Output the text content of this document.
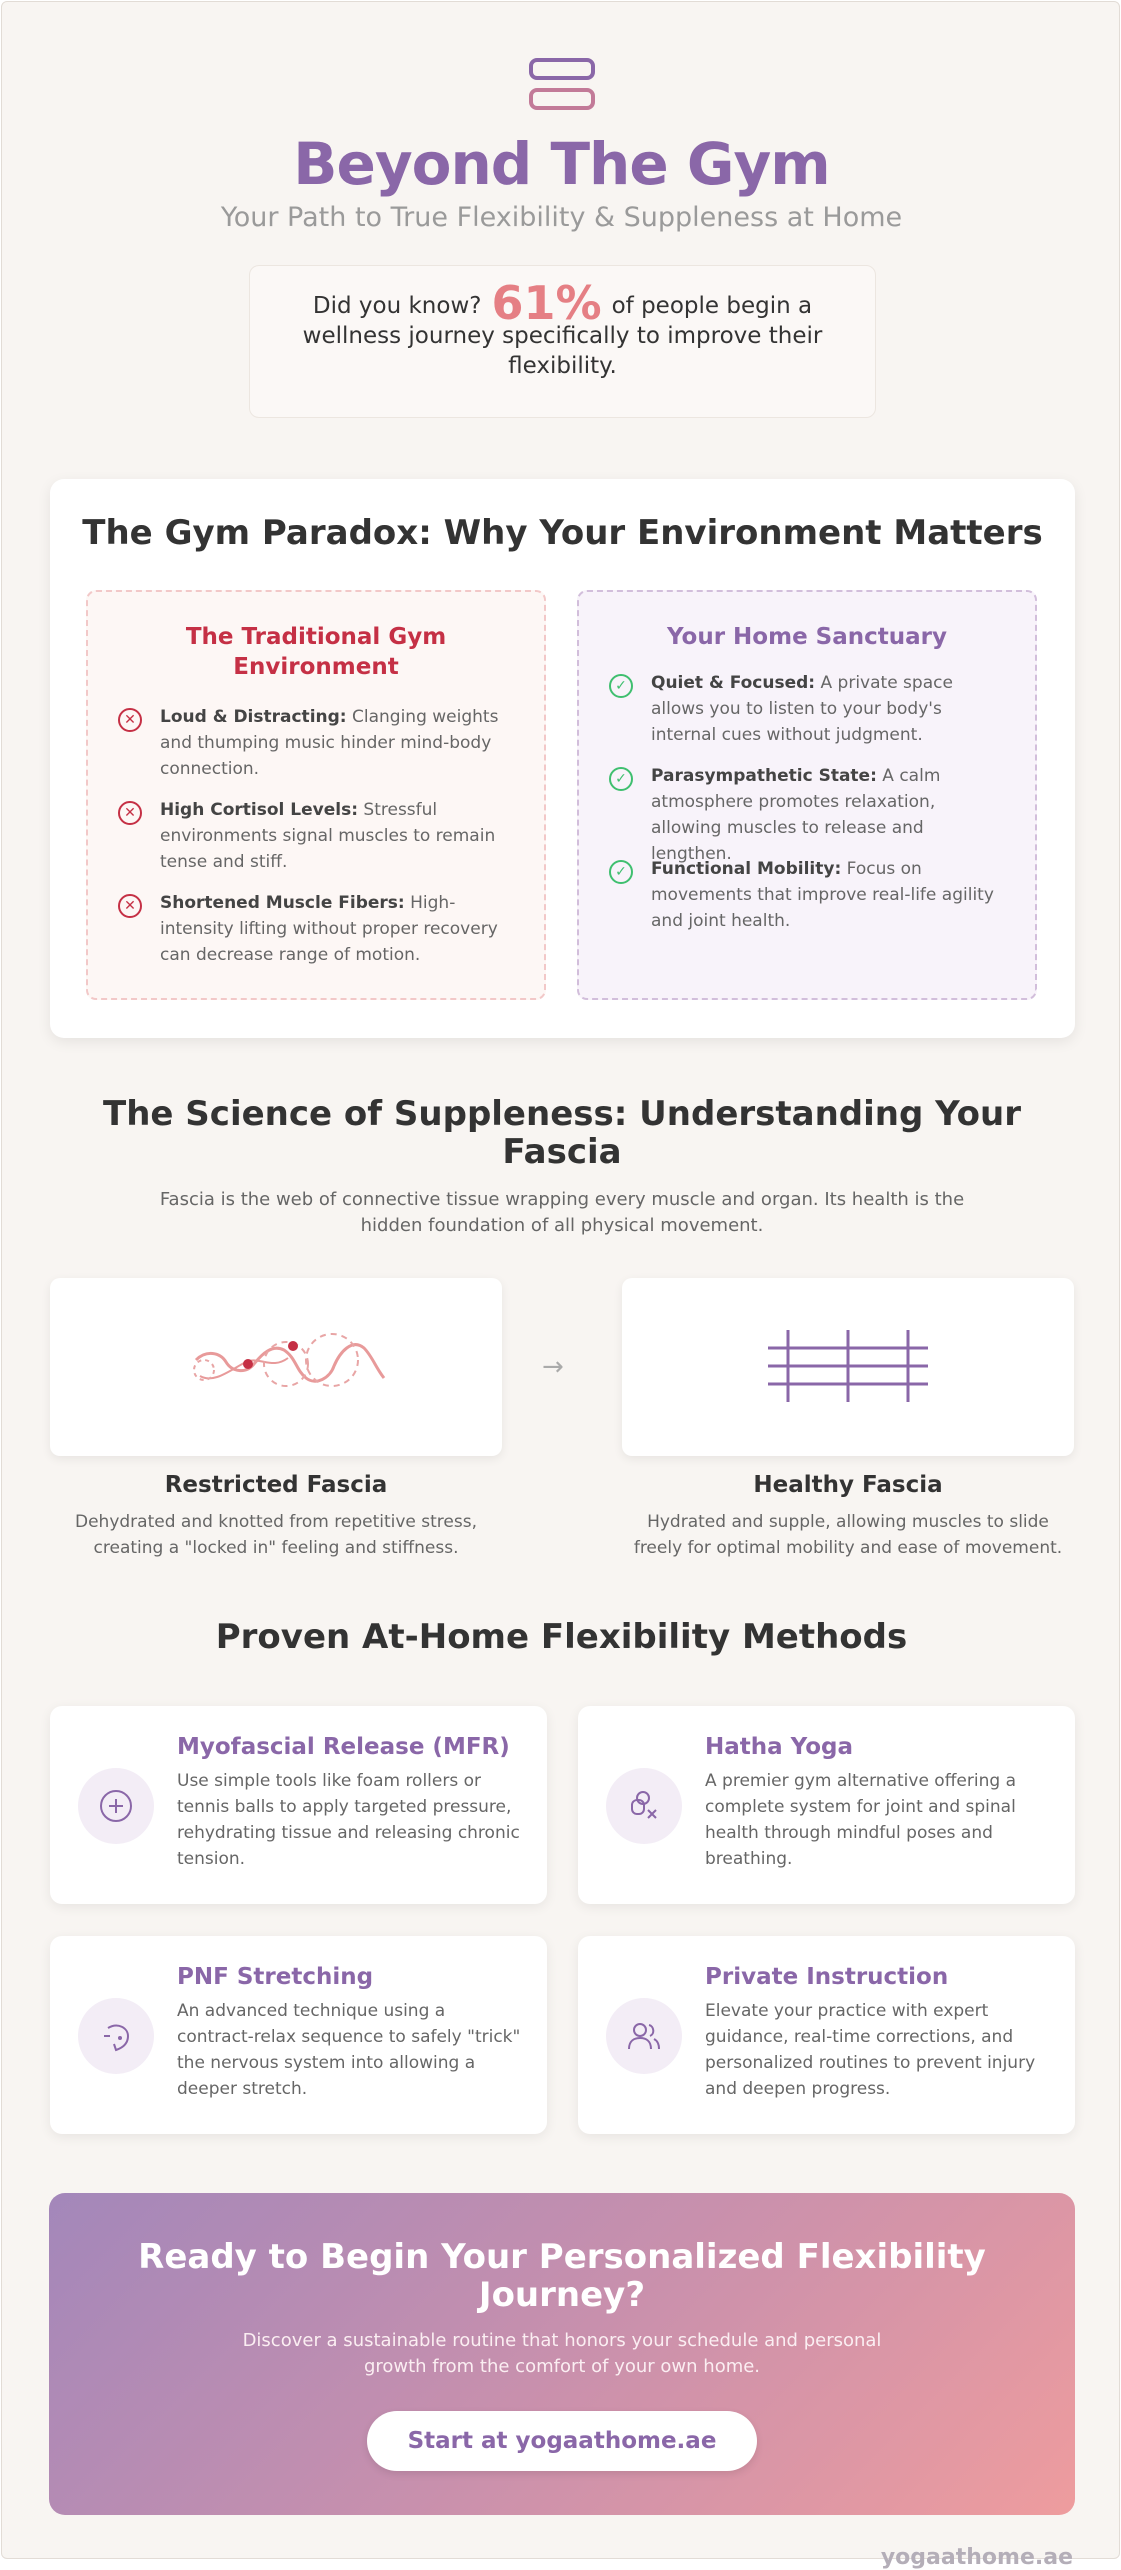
Beyond The Gym
Your Path to True Flexibility & Suppleness at Home
Did you know? 61% of people begin a
wellness journey specifically to improve their flexibility.
The Gym Paradox: Why Your Environment Matters
The Traditional Gym Environment
✕	Loud & Distracting: Clanging weights and thumping music hinder mind-body connection.
✕	High Cortisol Levels: Stressful environments signal muscles to remain tense and stiff.
✕	Shortened Muscle Fibers: High-intensity lifting without proper recovery can decrease range of motion.
Your Home Sanctuary
✓	Quiet & Focused: A private space allows you to listen to your body's internal cues without judgment.
✓	Parasympathetic State: A calm atmosphere promotes relaxation, allowing muscles to release and lengthen.
✓	Functional Mobility: Focus on movements that improve real-life agility and joint health.
The Science of Suppleness: Understanding Your Fascia
Fascia is the web of connective tissue wrapping every muscle and organ. Its health is the hidden foundation of all physical movement.
→
Restricted Fascia
Dehydrated and knotted from repetitive stress, creating a "locked in" feeling and stiffness.
Healthy Fascia
Hydrated and supple, allowing muscles to slide freely for optimal mobility and ease of movement.
Proven At-Home Flexibility Methods
Myofascial Release (MFR)

Use simple tools like foam rollers or tennis balls to apply targeted pressure, rehydrating tissue and releasing chronic tension.

Hatha Yoga

A premier gym alternative offering a complete system for joint and spinal health through mindful poses and breathing.

PNF Stretching

An advanced technique using a contract-relax sequence to safely "trick" the nervous system into allowing a deeper stretch.

Private Instruction

Elevate your practice with expert guidance, real-time corrections, and personalized routines to prevent injury and deepen progress.

Ready to Begin Your Personalized Flexibility Journey?

Discover a sustainable routine that honors your schedule and personal growth from the comfort of your own home.

Start at yogaathome.ae
yogaathome.ae
